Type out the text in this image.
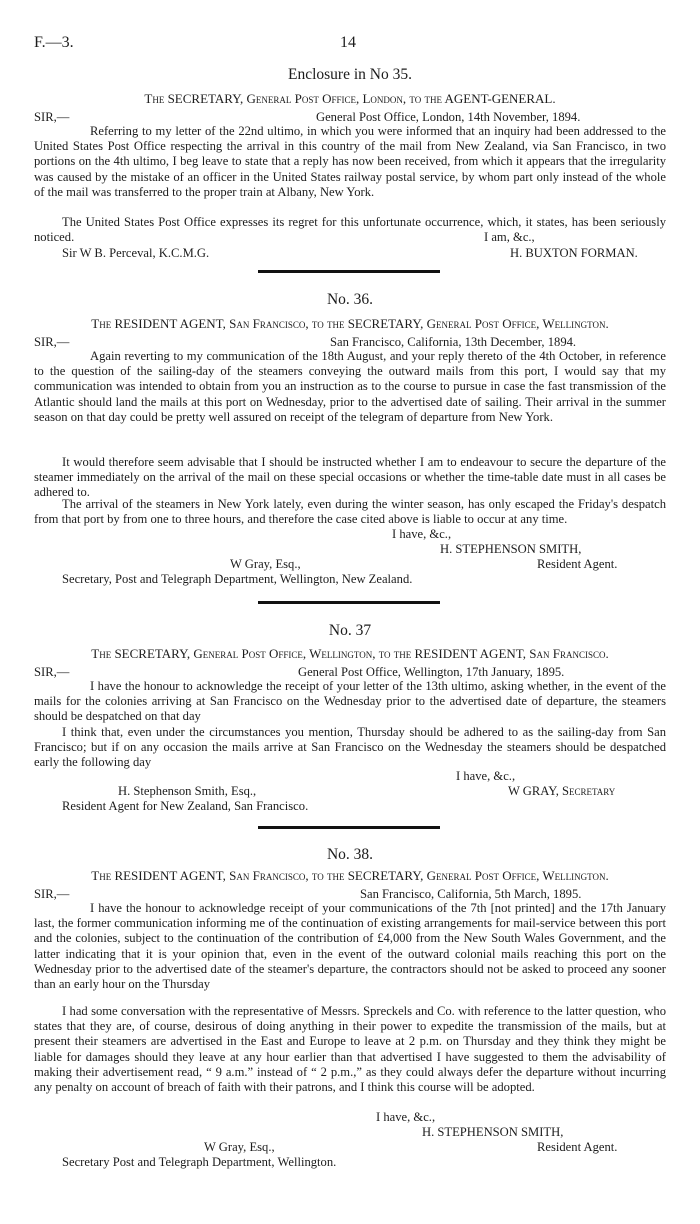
F.—3.	14
Enclosure in No 35.
The SECRETARY, General Post Office, London, to the AGENT-GENERAL.
SIR,—	General Post Office, London, 14th November, 1894.
Referring to my letter of the 22nd ultimo, in which you were informed that an inquiry had been addressed to the United States Post Office respecting the arrival in this country of the mail from New Zealand, via San Francisco, in two portions on the 4th ultimo, I beg leave to state that a reply has now been received, from which it appears that the irregularity was caused by the mistake of an officer in the United States railway postal service, by whom part only instead of the whole of the mail was transferred to the proper train at Albany, New York.
The United States Post Office expresses its regret for this unfortunate occurrence, which, it states, has been seriously noticed.	I am, &c.,
Sir W B. Perceval, K.C.M.G.	H. BUXTON FORMAN.
No. 36.
The RESIDENT AGENT, San Francisco, to the SECRETARY, General Post Office, Wellington.
SIR,—	San Francisco, California, 13th December, 1894.
Again reverting to my communication of the 18th August, and your reply thereto of the 4th October, in reference to the question of the sailing-day of the steamers conveying the outward mails from this port, I would say that my communication was intended to obtain from you an instruction as to the course to pursue in case the fast transmission of the Atlantic should land the mails at this port on Wednesday, prior to the advertised date of sailing. Their arrival in the summer season on that day could be pretty well assured on receipt of the telegram of departure from New York.
It would therefore seem advisable that I should be instructed whether I am to endeavour to secure the departure of the steamer immediately on the arrival of the mail on these special occasions or whether the time-table date must in all cases be adhered to.
The arrival of the steamers in New York lately, even during the winter season, has only escaped the Friday's despatch from that port by from one to three hours, and therefore the case cited above is liable to occur at any time.
I have, &c.,
H. STEPHENSON SMITH,
W Gray, Esq.,	Resident Agent.
Secretary, Post and Telegraph Department, Wellington, New Zealand.
No. 37
The SECRETARY, General Post Office, Wellington, to the RESIDENT AGENT, San Francisco.
SIR,—	General Post Office, Wellington, 17th January, 1895.
I have the honour to acknowledge the receipt of your letter of the 13th ultimo, asking whether, in the event of the mails for the colonies arriving at San Francisco on the Wednesday prior to the advertised date of departure, the steamers should be despatched on that day
I think that, even under the circumstances you mention, Thursday should be adhered to as the sailing-day from San Francisco; but if on any occasion the mails arrive at San Francisco on the Wednesday the steamers should be despatched early the following day
I have, &c.,
H. Stephenson Smith, Esq.,	W GRAY, Secretary
Resident Agent for New Zealand, San Francisco.
No. 38.
The RESIDENT AGENT, San Francisco, to the SECRETARY, General Post Office, Wellington.
SIR,—	San Francisco, California, 5th March, 1895.
I have the honour to acknowledge receipt of your communications of the 7th [not printed] and the 17th January last, the former communication informing me of the continuation of existing arrangements for mail-service between this port and the colonies, subject to the continuation of the contribution of £4,000 from the New South Wales Government, and the latter indicating that it is your opinion that, even in the event of the outward colonial mails reaching this port on the Wednesday prior to the advertised date of the steamer's departure, the contractors should not be asked to proceed any sooner than an early hour on the Thursday
I had some conversation with the representative of Messrs. Spreckels and Co. with reference to the latter question, who states that they are, of course, desirous of doing anything in their power to expedite the transmission of the mails, but at present their steamers are advertised in the East and Europe to leave at 2 p.m. on Thursday and they think they might be liable for damages should they leave at any hour earlier than that advertised I have suggested to them the advisability of making their advertisement read, “ 9 a.m.” instead of “ 2 p.m.,” as they could always defer the departure without incurring any penalty on account of breach of faith with their patrons, and I think this course will be adopted.
I have, &c.,
H. STEPHENSON SMITH,
W Gray, Esq.,	Resident Agent.
Secretary Post and Telegraph Department, Wellington.
